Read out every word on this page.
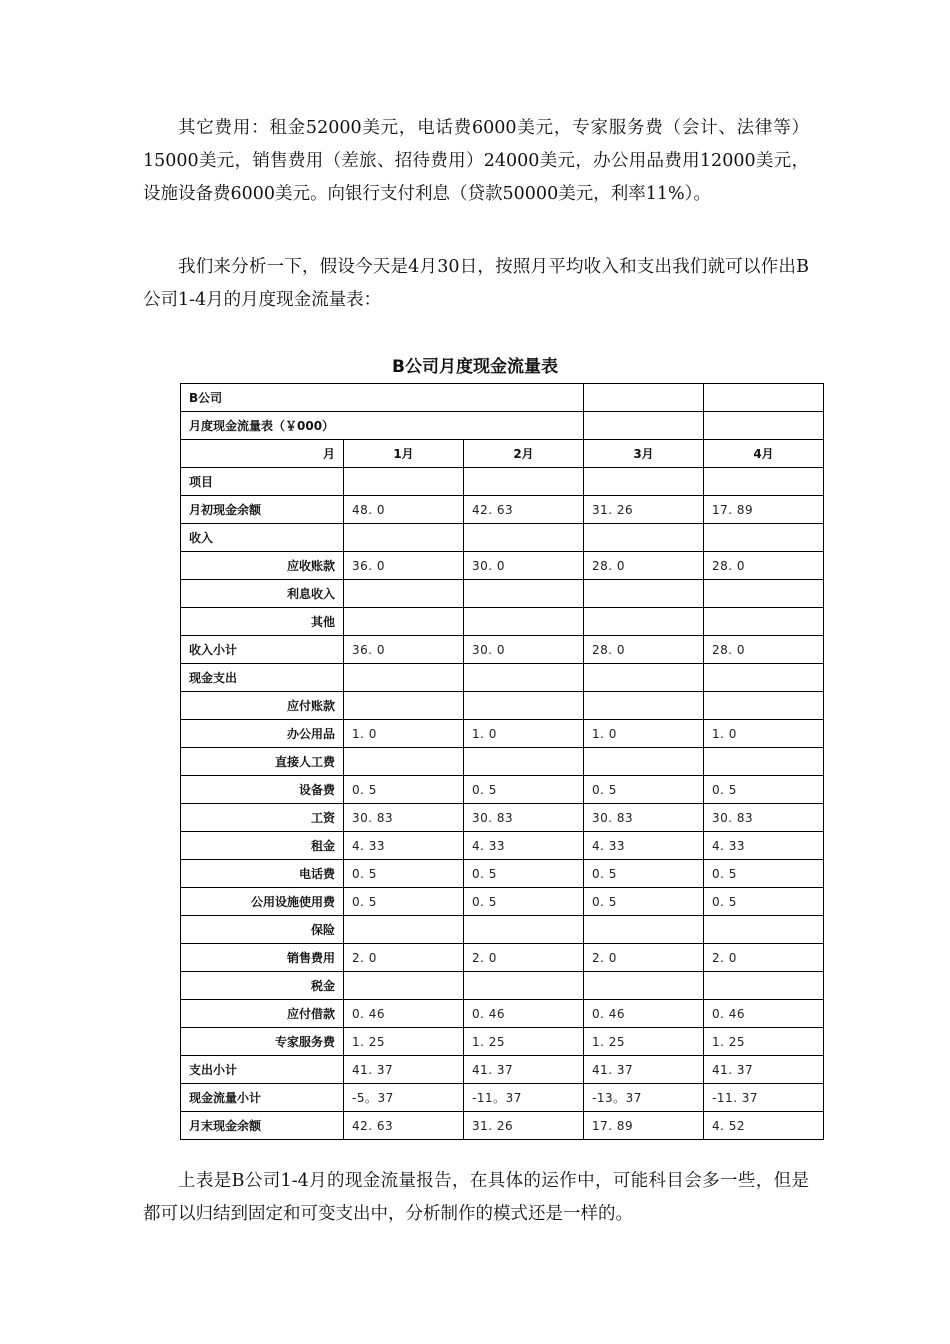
其它费用：租金52000美元，电话费6000美元，专家服务费（会计、法律等）15000美元，销售费用（差旅、招待费用）24000美元，办公用品费用12000美元，设施设备费6000美元。向银行支付利息（贷款50000美元，利率11%）。

我们来分析一下，假设今天是4月30日，按照月平均收入和支出我们就可以作出B公司1-4月的月度现金流量表：

B公司月度现金流量表
B公司				
月度现金流量表（￥000）				
月	1月	2月	3月	4月
项目				
月初现金余额	48. 0	42. 63	31. 26	17. 89
收入				
应收账款	36. 0	30. 0	28. 0	28. 0
利息收入				
其他				
收入小计	36. 0	30. 0	28. 0	28. 0
现金支出				
应付账款				
办公用品	1. 0	1. 0	1. 0	1. 0
直接人工费				
设备费	0. 5	0. 5	0. 5	0. 5
工资	30. 83	30. 83	30. 83	30. 83
租金	4. 33	4. 33	4. 33	4. 33
电话费	0. 5	0. 5	0. 5	0. 5
公用设施使用费	0. 5	0. 5	0. 5	0. 5
保险				
销售费用	2. 0	2. 0	2. 0	2. 0
税金				
应付借款	0. 46	0. 46	0. 46	0. 46
专家服务费	1. 25	1. 25	1. 25	1. 25
支出小计	41. 37	41. 37	41. 37	41. 37
现金流量小计	-5。37	-11。37	-13。37	-11. 37
月末现金余额	42. 63	31. 26	17. 89	4. 52

上表是B公司1-4月的现金流量报告，在具体的运作中，可能科目会多一些，但是都可以归结到固定和可变支出中，分析制作的模式还是一样的。
